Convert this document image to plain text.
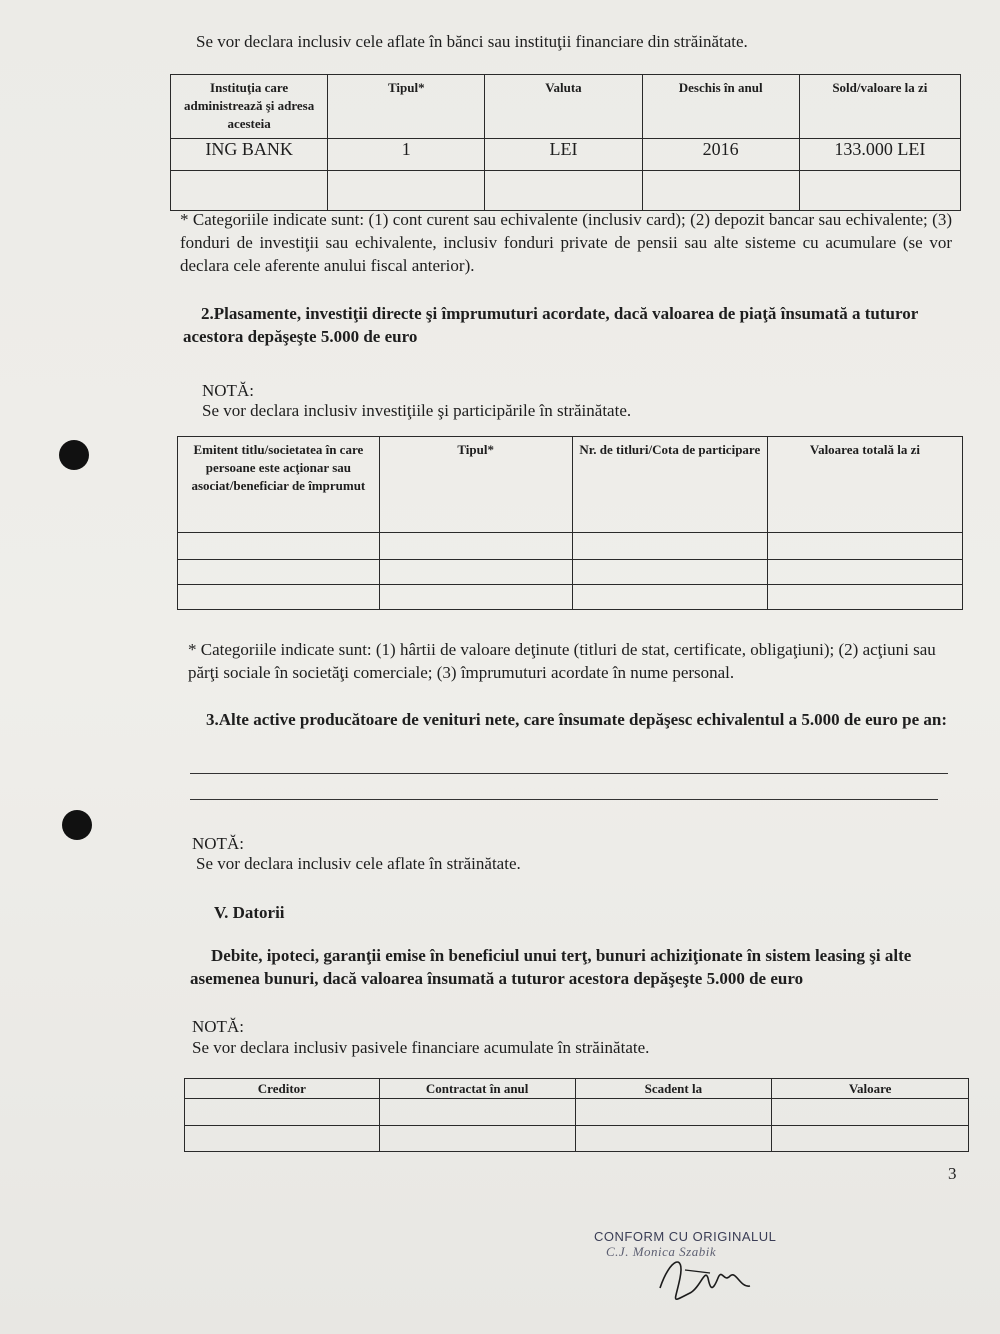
Se vor declara inclusiv cele aflate în bănci sau instituţii financiare din străinătate.
Instituţia care administrează şi adresa acesteia	Tipul*	Valuta	Deschis în anul	Sold/valoare la zi
ING BANK	1	LEI	2016	133.000 LEI

* Categoriile indicate sunt: (1) cont curent sau echivalente (inclusiv card); (2) depozit bancar sau echivalente; (3) fonduri de investiţii sau echivalente, inclusiv fonduri private de pensii sau alte sisteme cu acumulare (se vor declara cele aferente anului fiscal anterior).
2.Plasamente, investiţii directe şi împrumuturi acordate, dacă valoarea de piaţă însumată a tuturor acestora depăşeşte 5.000 de euro
NOTĂ:
Se vor declara inclusiv investiţiile şi participările în străinătate.
Emitent titlu/societatea în care persoane este acţionar sau asociat/beneficiar de împrumut	Tipul*	Nr. de titluri/Cota de participare	Valoarea totală la zi

* Categoriile indicate sunt: (1) hârtii de valoare deţinute (titluri de stat, certificate, obligaţiuni); (2) acţiuni sau părţi sociale în societăţi comerciale; (3) împrumuturi acordate în nume personal.
3.Alte active producătoare de venituri nete, care însumate depăşesc echivalentul a 5.000 de euro pe an:
NOTĂ:
Se vor declara inclusiv cele aflate în străinătate.
V. Datorii
Debite, ipoteci, garanţii emise în beneficiul unui terţ, bunuri achiziţionate în sistem leasing şi alte asemenea bunuri, dacă valoarea însumată a tuturor acestora depăşeşte 5.000 de euro
NOTĂ:
Se vor declara inclusiv pasivele financiare acumulate în străinătate.
Creditor	Contractat în anul	Scadent la	Valoare

3
CONFORM CU ORIGINALUL
C.J. Monica Szabik
